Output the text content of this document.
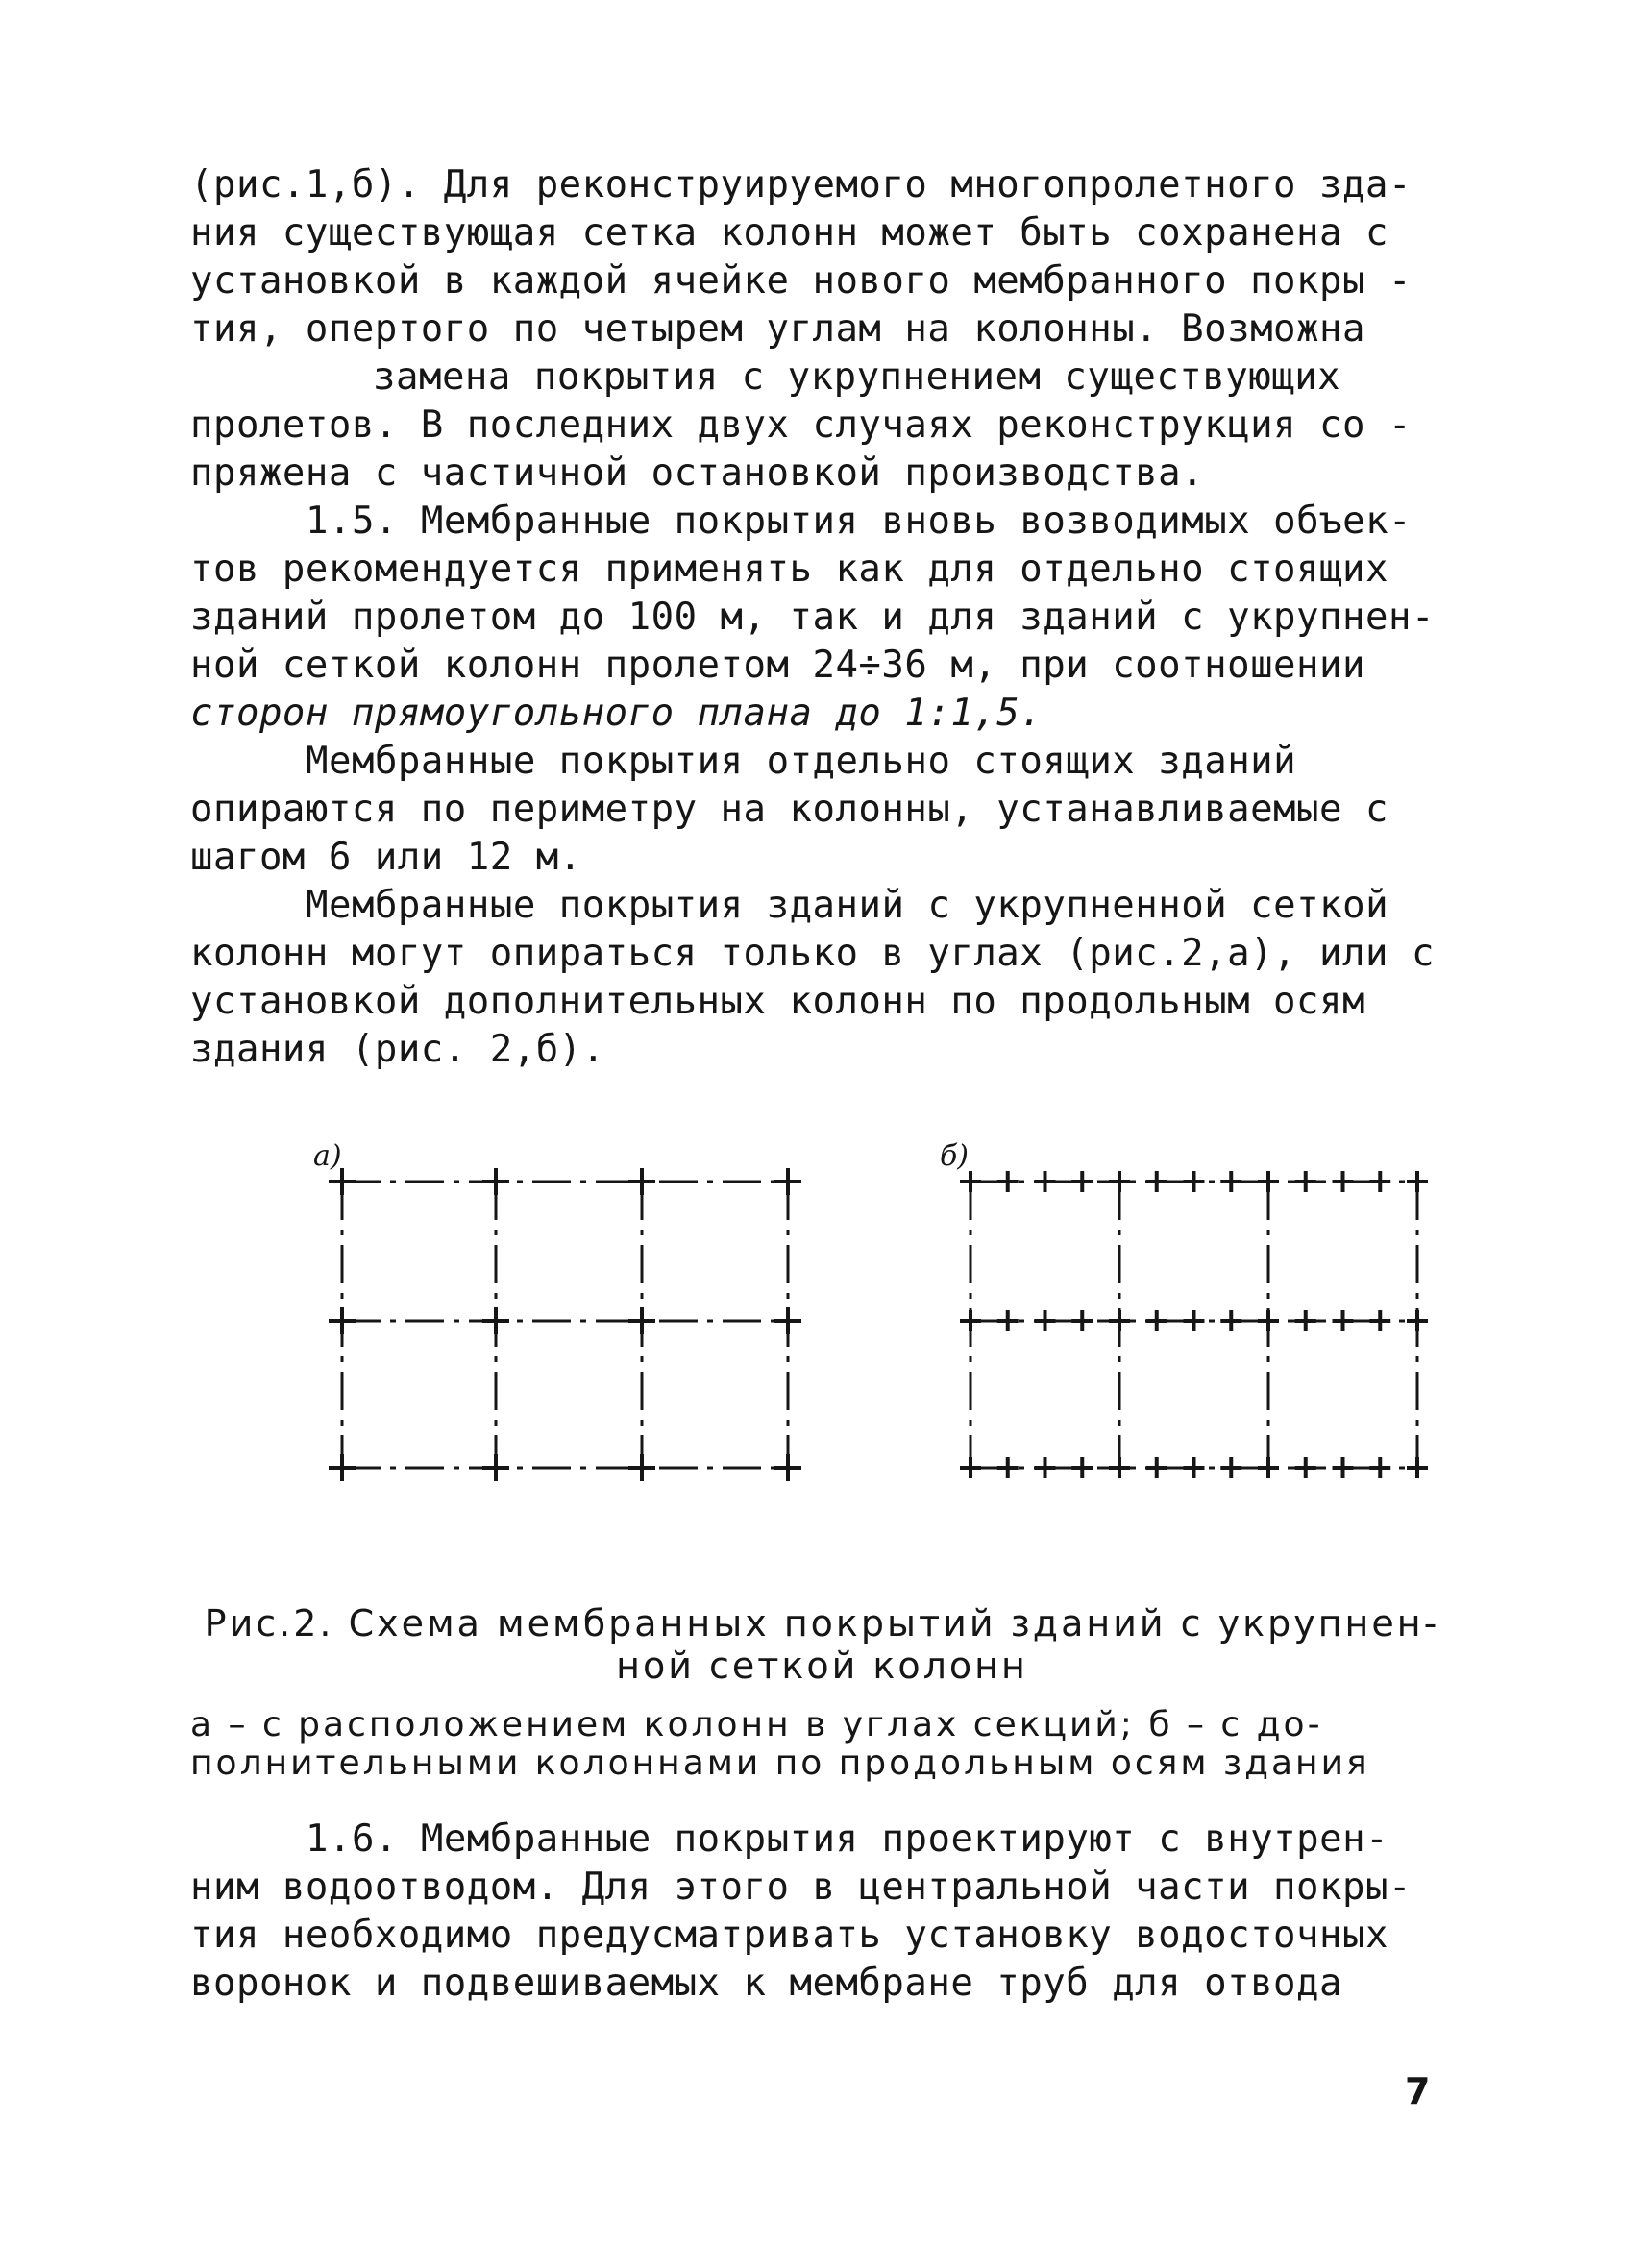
(рис.1,б). Для реконструируемого многопролетного зда-
ния существующая сетка колонн может быть сохранена с
установкой в каждой ячейке нового мембранного покры -
тия, опертого по четырем углам на колонны. Возможна
замена покрытия с укрупнением существующих
пролетов. В последних двух случаях реконструкция со -
пряжена с частичной остановкой производства.
1.5. Мембранные покрытия вновь возводимых объек-
тов рекомендуется применять как для отдельно стоящих
зданий пролетом до 100 м, так и для зданий с укрупнен-
ной сеткой колонн пролетом 24÷36 м, при соотношении
сторон прямоугольного плана до 1:1,5.
Мембранные покрытия отдельно стоящих зданий
опираются по периметру на колонны, устанавливаемые с
шагом 6 или 12 м.
Мембранные покрытия зданий с укрупненной сеткой
колонн могут опираться только в углах (рис.2,а), или с
установкой дополнительных колонн по продольным осям
здания (рис. 2,б).
а)	б)
Рис.2. Схема мембранных покрытий зданий с укрупнен-
ной сеткой колонн
а – с расположением колонн в углах секций; б – с до-
полнительными колоннами по продольным осям здания
1.6. Мембранные покрытия проектируют с внутрен-
ним водоотводом. Для этого в центральной части покры-
тия необходимо предусматривать установку водосточных
воронок и подвешиваемых к мембране труб для отвода
7
